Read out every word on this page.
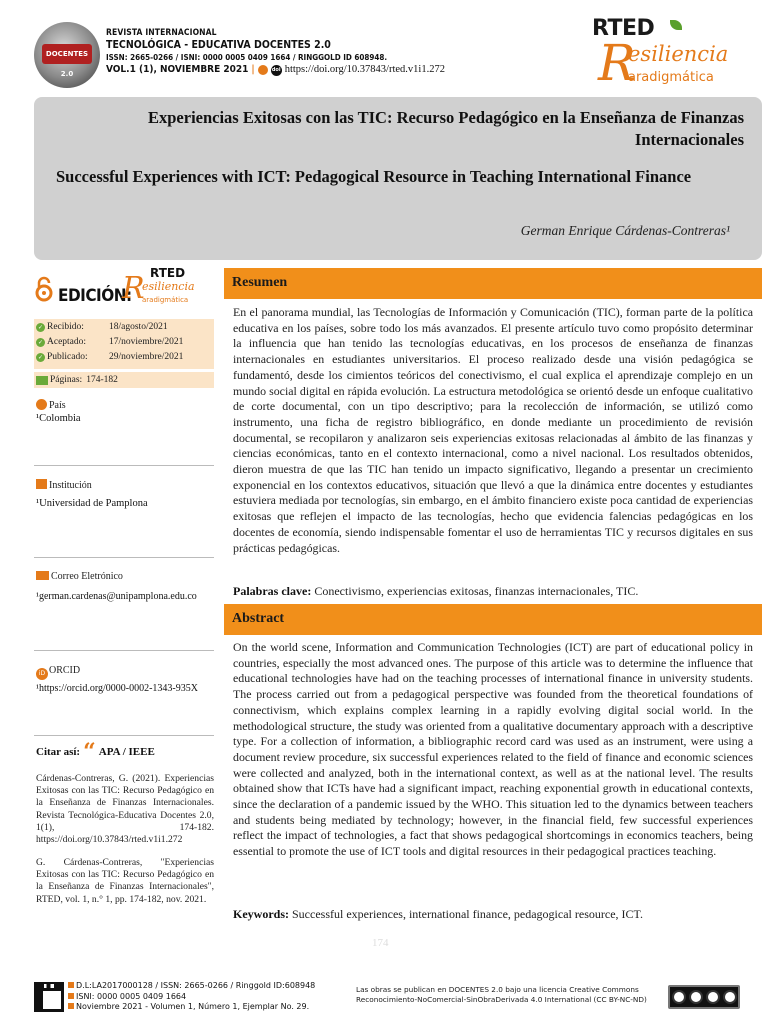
DOCENTES 2.0
REVISTA INTERNACIONAL
TECNOLÓGICA - EDUCATIVA DOCENTES 2.0
ISSN: 2665-0266 / ISNI: 0000 0005 0409 1664 / RINGGOLD ID 608948.
VOL.1 (1), NOVIEMBRE 2021 |	doi https://doi.org/10.37843/rted.v1i1.272
RTED
R
esiliencia
aradigmática
Experiencias Exitosas con las TIC: Recurso Pedagógico en la Enseñanza de Finanzas Internacionales
Successful Experiences with ICT: Pedagogical Resource in Teaching International Finance
German Enrique Cárdenas-Contreras¹
EDICIÓN:
RTED
R
esiliencia
aradigmática
✓ Recibido:	18/agosto/2021
✓ Aceptado:	17/noviembre/2021
✓ Publicado:	29/noviembre/2021
Páginas: 174-182
País
¹Colombia
Institución
¹Universidad de Pamplona
Correo Eletrónico
¹german.cardenas@unipamplona.edu.co
iD ORCID
¹https://orcid.org/0000-0002-1343-935X
Citar así: “ APA / IEEE
Cárdenas-Contreras, G. (2021). Experiencias Exitosas con las TIC: Recurso Pedagógico en la Enseñanza de Finanzas Internacionales. Revista Tecnológica-Educativa Docentes 2.0, 1(1), 174-182. https://doi.org/10.37843/rted.v1i1.272
G. Cárdenas-Contreras, "Experiencias Exitosas con las TIC: Recurso Pedagógico en la Enseñanza de Finanzas Internacionales", RTED, vol. 1, n.° 1, pp. 174-182, nov. 2021.
Resumen
En el panorama mundial, las Tecnologías de Información y Comunicación (TIC), forman parte de la política educativa en los países, sobre todo los más avanzados. El presente artículo tuvo como propósito determinar la influencia que han tenido las tecnologías educativas, en los procesos de enseñanza de finanzas internacionales en estudiantes universitarios. El proceso realizado desde una visión pedagógica se fundamentó, desde los cimientos teóricos del conectivismo, el cual explica el aprendizaje complejo en un mundo social digital en rápida evolución. La estructura metodológica se orientó desde un enfoque cualitativo de corte documental, con un tipo descriptivo; para la recolección de información, se utilizó como instrumento, una ficha de registro bibliográfico, en donde mediante un procedimiento de revisión documental, se recopilaron y analizaron seis experiencias exitosas relacionadas al ámbito de las finanzas y ciencias económicas, tanto en el contexto internacional, como a nivel nacional. Los resultados obtenidos, dieron muestra de que las TIC han tenido un impacto significativo, llegando a presentar un crecimiento exponencial en los contextos educativos, situación que llevó a que la dinámica entre docentes y estudiantes estuviera mediada por tecnologías, sin embargo, en el ámbito financiero existe poca cantidad de experiencias exitosas que reflejen el impacto de las tecnologías, hecho que evidencia falencias pedagógicas en los docentes de economía, siendo indispensable fomentar el uso de herramientas TIC y recursos digitales en sus prácticas pedagógicas.
Palabras clave: Conectivismo, experiencias exitosas, finanzas internacionales, TIC.
Abstract
On the world scene, Information and Communication Technologies (ICT) are part of educational policy in countries, especially the most advanced ones. The purpose of this article was to determine the influence that educational technologies have had on the teaching processes of international finance in university students. The process carried out from a pedagogical perspective was founded from the theoretical foundations of connectivism, which explains complex learning in a rapidly evolving digital social world. In the methodological structure, the study was oriented from a qualitative documentary approach with a descriptive type. For a collection of information, a bibliographic record card was used as an instrument, were using a document review procedure, six successful experiences related to the field of finance and economic sciences were collected and analyzed, both in the international context, as well as at the national level. The results obtained show that ICTs have had a significant impact, reaching exponential growth in educational contexts, since the declaration of a pandemic issued by the WHO. This situation led to the dynamics between teachers and students being mediated by technology; however, in the financial field, few successful experiences reflect the impact of technologies, a fact that shows pedagogical shortcomings in economics teachers, being essential to promote the use of ICT tools and digital resources in their pedagogical practices teaching.
Keywords: Successful experiences, international finance, pedagogical resource, ICT.
174
D.L:LA2017000128 / ISSN: 2665-0266 / Ringgold ID:608948
ISNI: 0000 0005 0409 1664
Noviembre 2021 - Volumen 1, Número 1, Ejemplar No. 29.
Las obras se publican en DOCENTES 2.0 bajo una licencia Creative Commons
Reconocimiento-NoComercial-SinObraDerivada 4.0 International (CC BY-NC-ND)
